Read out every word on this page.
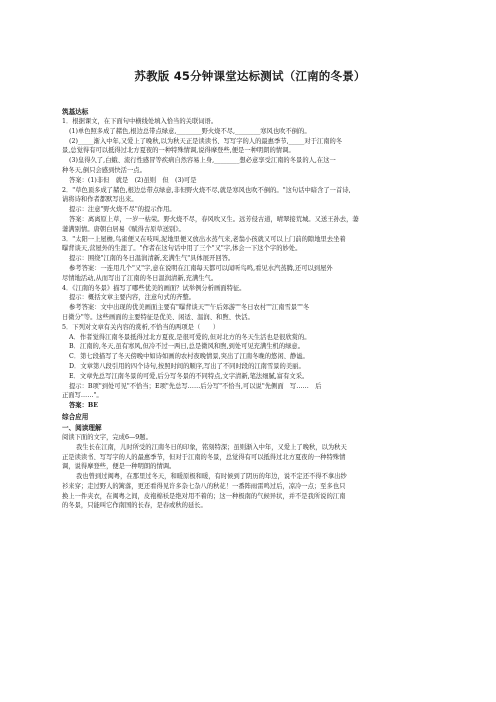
苏教版 45分钟课堂达标测试（江南的冬景）
筑基达标
1．根据课文，在下面句中横线处填入恰当的关联词语。
(1)单色照多成了赭色,根边总带点绿意,________野火烧不尽,________寒风也吹不倒的。
(2)_____渐入中年,又爱上了晚秋,以为秋天正是读读书、写写字的人的最惠季节,_____对于江南的冬
景,总觉得有可以抵得过北方夏夜的一种特殊情调,说得摩登些,便是一种明朗的情调。
(3)皇得久了,白蛾、流行性感冒等疾病自然容易上身,________想必意享受江南的冬景的人,在这一
种冬天,倒只会感到快活一点。
答案：(1)非但　就是　(2)虽则　但　(3)可是
2．"草色顶多成了赭色,根边总带点绿意,非但野火烧不尽,就是寒风也吹不倒的。"这句话中暗含了一首诗,
请将诗和作者都默写出来。
提示：注意"野火烧不尽"的提示作用。
答案：离离原上草，一岁一枯荣。野火烧不尽，春风吹又生。远芳侵古道，晴翠接荒城。又送王孙去，萋
萋满别情。唐朝白居易《赋得古原草送别》。
3．"太阳一上屋檐,鸟雀便又在吱叫,泥地里便又放出水蒸气来,老翁小孩就又可以上门前的隙地里去坐着
曝背谈天,营屋外的生涯了。"作者在这句话中用了三个"又"字,体会一下这个字的妙处。
提示：围绕"江南的冬日温润清新,充满生气"具体展开回答。
参考答案：一连用几个"又"字,意在说明在江南每天都可以闻听鸟鸣,看见水汽蒸腾,还可以到屋外
尽情地活动,从而写出了江南的冬日温润清新,充满生气。
4．《江南的冬景》描写了哪些优美的画面？试举例分析画面特征。
提示：概括文章主要内容，注意句式的齐整。
参考答案：文中出现的优美画面主要有"曝背谈天""午后郊游""冬日农村""江南雪景""冬
日微分"等。这些画面的主要特征是优美、闲适、温润、和煦、快活。
5．下列对文章有关内容的赏析,不恰当的两项是（　　）
A．作者觉得江南冬景抵得过北方夏夜,是很可爱的,但对北方的冬天生活也是很欣赏的。
B．江南的,冬天,虽有寒风,但冷不过一两日,总是微风和煦,到处可见充满生机的绿意。
C．第七段描写了冬天傍晚中如诗如画的农村夜晚情景,突出了江南冬晚的悠闲、静谧。
D．文章第八段引用的四个诗句,按照时间的顺序,写出了不同时段的江南雪景的美丽。
E．文章先总写江南冬景的可爱,后分写冬景的不同特点,文字清新,笔法细腻,富有文采。
提示：B项"到处可见"不恰当；E项"先总写……后分写"不恰当,可以说"先侧面　写……　后
正面写……"。
答案：BE
综合应用
一、阅读理解
阅读下面的文字，完成6—9题。
我生长在江南，儿时所受的江南冬日的印象，铭刻特深；虽则渐入中年，又爱上了晚秋，以为秋天
正是读读书、写写字的人的最惠季节，但对于江南的冬景，总觉得有可以抵得过北方夏夜的一种特殊情
调，说得摩登些，便是一种明朗的情调。
我也曾到过闽粤，在那里过冬天，和暖原极和暖，有时候到了阴历的年边，说不定还不得不拿出纱
衫来穿；走过野人的篱落，更还看得见许多杂七杂八的秋花！一番阵雨雷鸣过后，凉冷一点；至多也只
换上一件夹衣，在闽粤之间，皮袍棉袄是绝对用不着的；这一种极南的气候异状，并不是我所说的江南
的冬景，只能叫它作南国的长春，是春或秋的延长。
